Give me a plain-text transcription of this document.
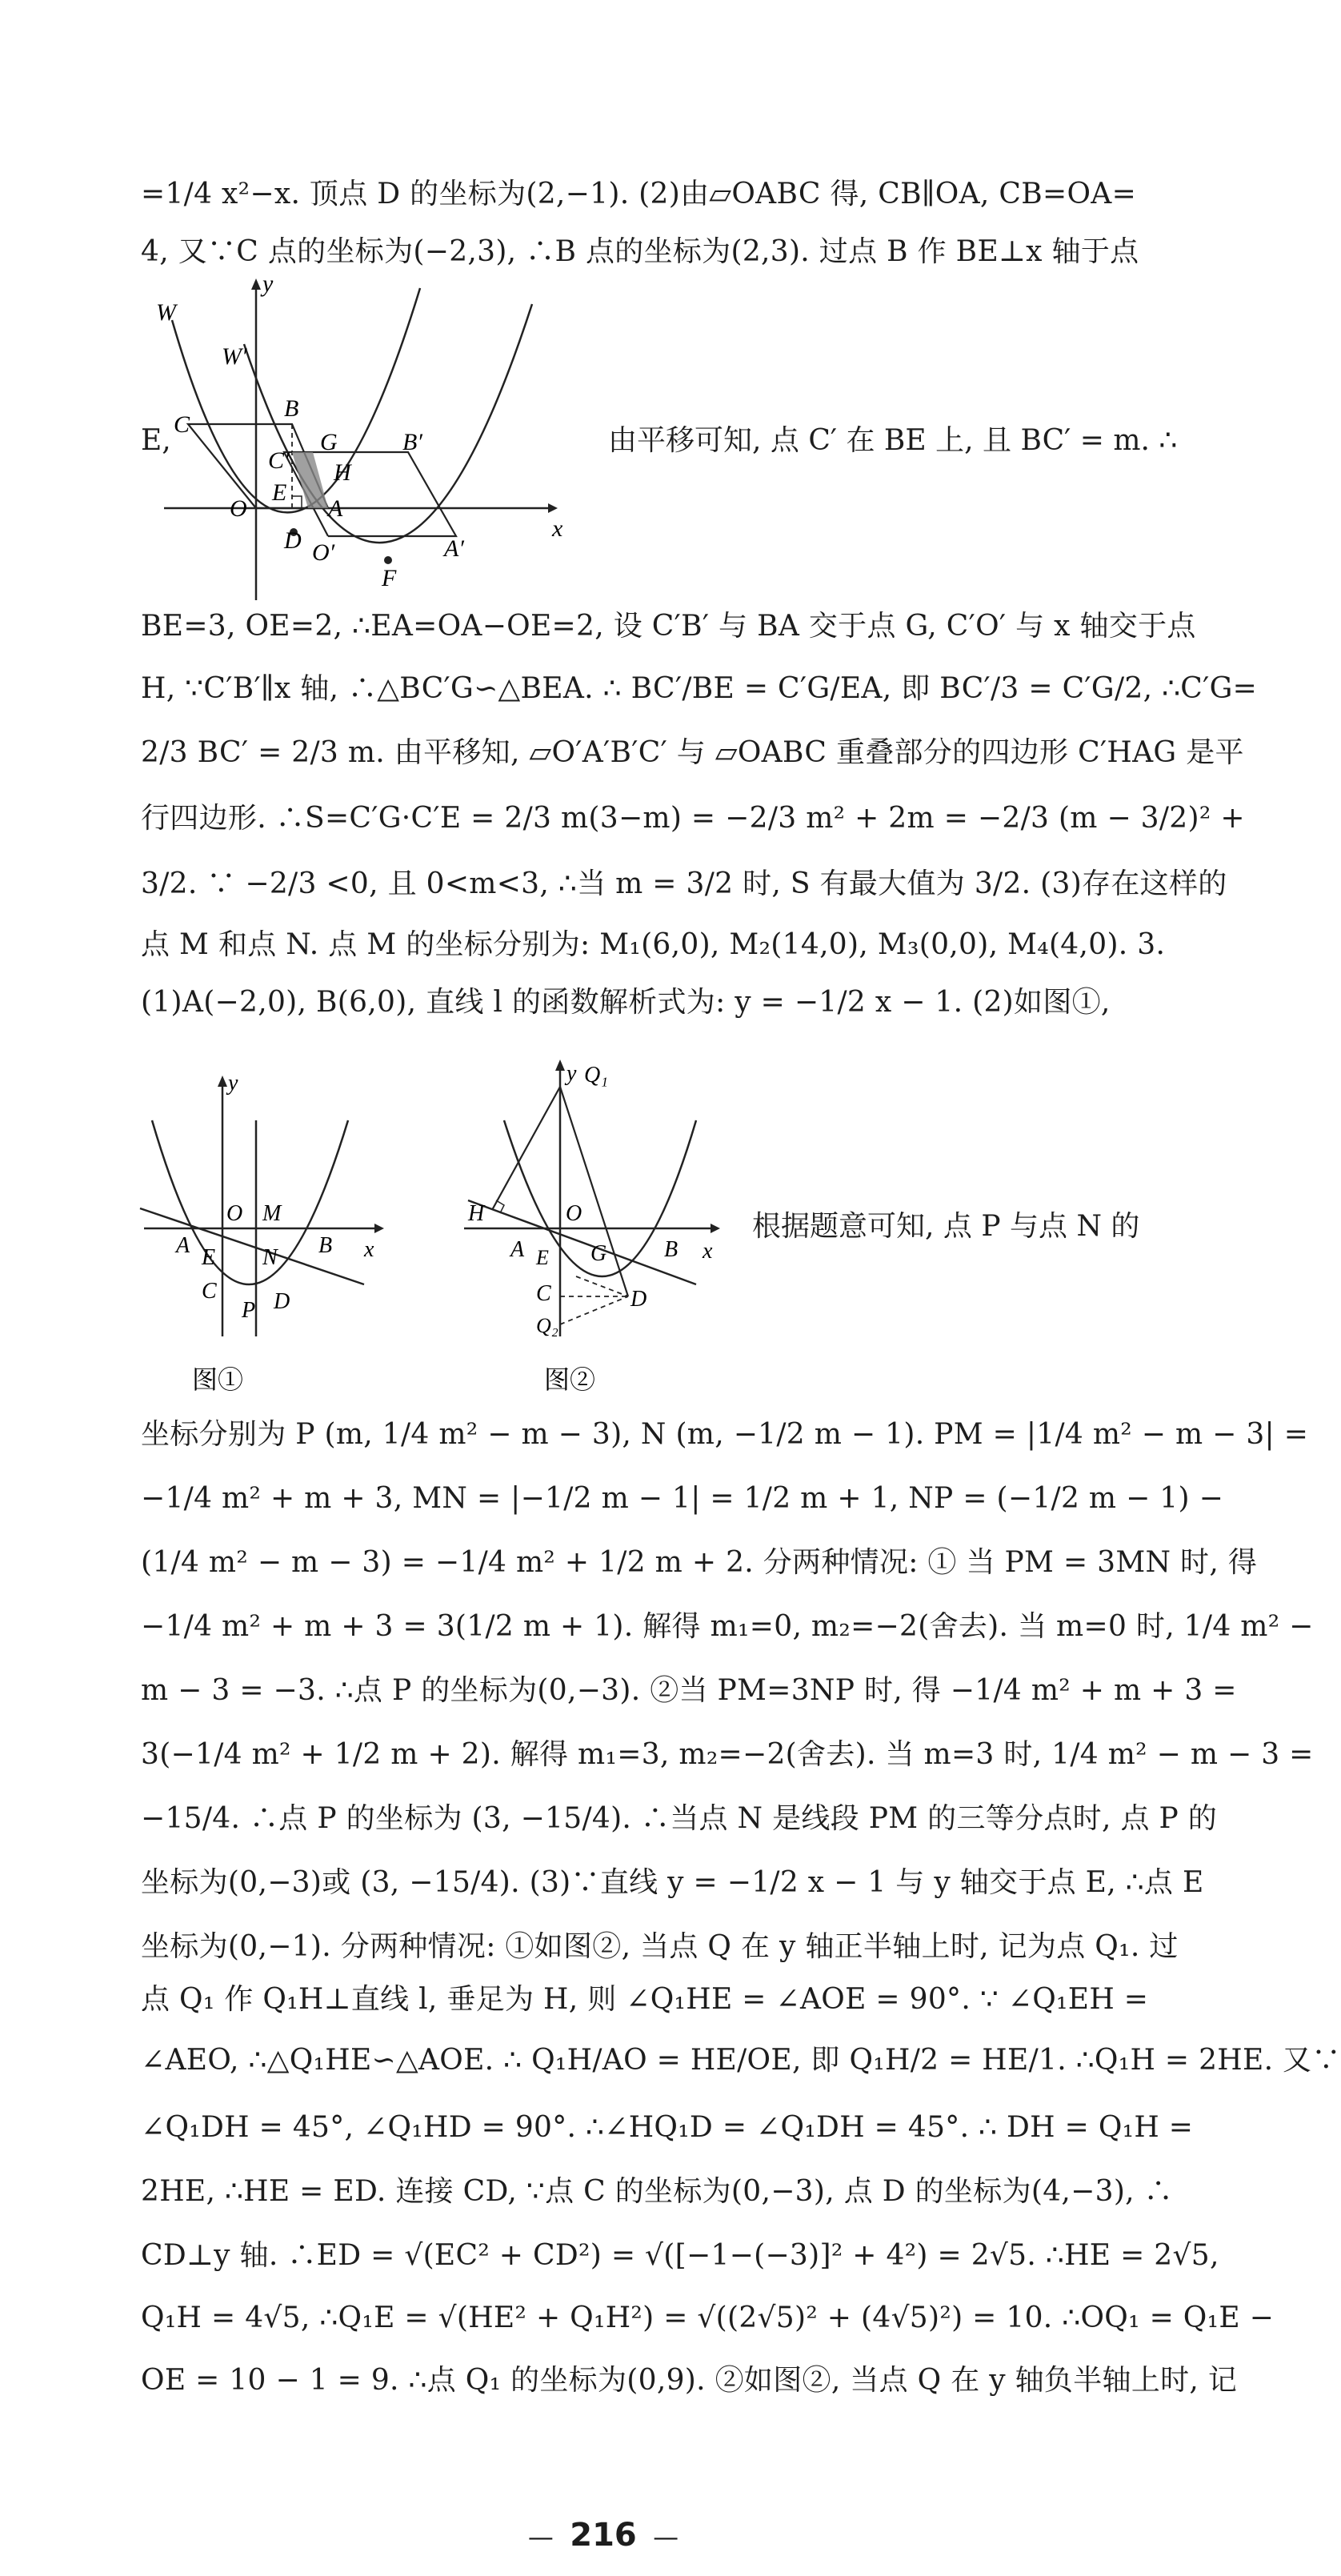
=1/4 x²−x. 顶点 D 的坐标为(2,−1). (2)由▱OABC 得, CB∥OA, CB=OA=
4, 又∵C 点的坐标为(−2,3), ∴B 点的坐标为(2,3). 过点 B 作 BE⊥x 轴于点
E,	由平移可知, 点 C′ 在 BE 上, 且 BC′ = m. ∴
W
W′
y
x
B
C
G	B′
C′ H
E
O	A
D O′	A′
F
BE=3, OE=2, ∴EA=OA−OE=2, 设 C′B′ 与 BA 交于点 G, C′O′ 与 x 轴交于点
H, ∵C′B′∥x 轴, ∴△BC′G∽△BEA. ∴ BC′/BE = C′G/EA, 即 BC′/3 = C′G/2, ∴C′G=
2/3 BC′ = 2/3 m. 由平移知, ▱O′A′B′C′ 与 ▱OABC 重叠部分的四边形 C′HAG 是平
行四边形. ∴S=C′G·C′E = 2/3 m(3−m) = −2/3 m² + 2m = −2/3 (m − 3/2)² +
3/2. ∵ −2/3 <0, 且 0<m<3, ∴当 m = 3/2 时, S 有最大值为 3/2. (3)存在这样的
点 M 和点 N. 点 M 的坐标分别为: M₁(6,0), M₂(14,0), M₃(0,0), M₄(4,0). 3.
(1)A(−2,0), B(6,0), 直线 l 的函数解析式为: y = −1/2 x − 1. (2)如图①,
y
x
O M
A E N B
C
P D
图①
y Q₁
x
O
H
A E G	B
C	D
Q₂
图②
根据题意可知, 点 P 与点 N 的
坐标分别为 P (m, 1/4 m² − m − 3), N (m, −1/2 m − 1). PM = |1/4 m² − m − 3| =
−1/4 m² + m + 3, MN = |−1/2 m − 1| = 1/2 m + 1, NP = (−1/2 m − 1) −
(1/4 m² − m − 3) = −1/4 m² + 1/2 m + 2. 分两种情况: ① 当 PM = 3MN 时, 得
−1/4 m² + m + 3 = 3(1/2 m + 1). 解得 m₁=0, m₂=−2(舍去). 当 m=0 时, 1/4 m² −
m − 3 = −3. ∴点 P 的坐标为(0,−3). ②当 PM=3NP 时, 得 −1/4 m² + m + 3 =
3(−1/4 m² + 1/2 m + 2). 解得 m₁=3, m₂=−2(舍去). 当 m=3 时, 1/4 m² − m − 3 =
−15/4. ∴点 P 的坐标为 (3, −15/4). ∴当点 N 是线段 PM 的三等分点时, 点 P 的
坐标为(0,−3)或 (3, −15/4). (3)∵直线 y = −1/2 x − 1 与 y 轴交于点 E, ∴点 E
坐标为(0,−1). 分两种情况: ①如图②, 当点 Q 在 y 轴正半轴上时, 记为点 Q₁. 过
点 Q₁ 作 Q₁H⊥直线 l, 垂足为 H, 则 ∠Q₁HE = ∠AOE = 90°. ∵ ∠Q₁EH =
∠AEO, ∴△Q₁HE∽△AOE. ∴ Q₁H/AO = HE/OE, 即 Q₁H/2 = HE/1. ∴Q₁H = 2HE. 又∵
∠Q₁DH = 45°, ∠Q₁HD = 90°. ∴∠HQ₁D = ∠Q₁DH = 45°. ∴ DH = Q₁H =
2HE, ∴HE = ED. 连接 CD, ∵点 C 的坐标为(0,−3), 点 D 的坐标为(4,−3), ∴
CD⊥y 轴. ∴ED = √(EC² + CD²) = √([−1−(−3)]² + 4²) = 2√5. ∴HE = 2√5,
Q₁H = 4√5, ∴Q₁E = √(HE² + Q₁H²) = √((2√5)² + (4√5)²) = 10. ∴OQ₁ = Q₁E −
OE = 10 − 1 = 9. ∴点 Q₁ 的坐标为(0,9). ②如图②, 当点 Q 在 y 轴负半轴上时, 记
—  216  —
